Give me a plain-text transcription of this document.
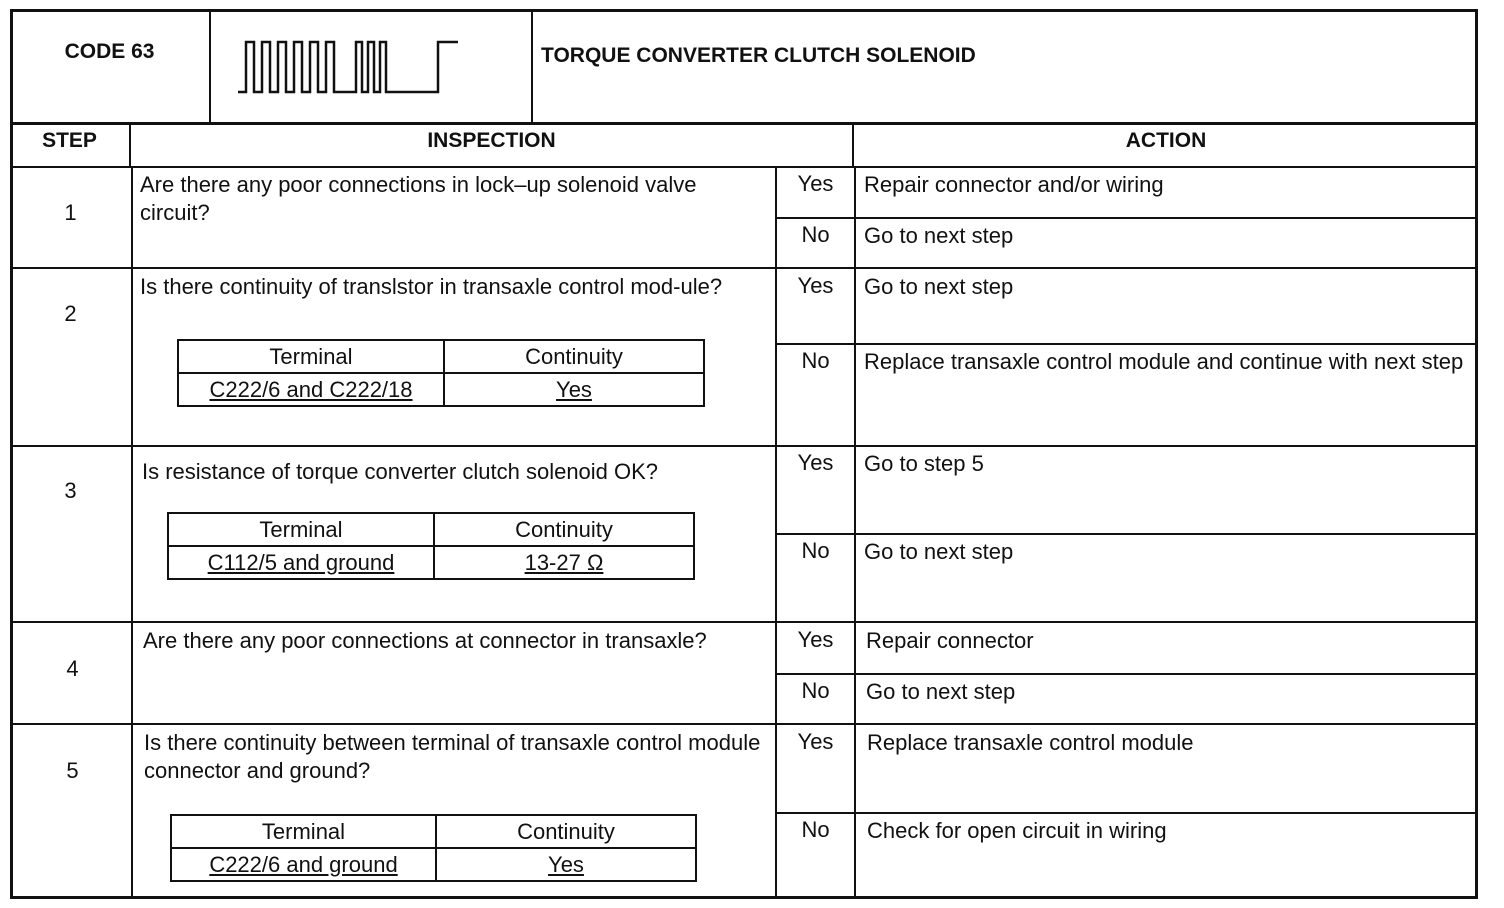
CODE 63	TORQUE CONVERTER CLUTCH SOLENOID
STEP	INSPECTION	ACTION
1
Are there any poor connections in lock–up solenoid valve circuit?
Yes	Repair connector and/or wiring
No	Go to next step
2
Is there continuity of translstor in transaxle control mod-ule?
Terminal	Continuity
C222/6 and C222/18	Yes
Yes	Go to next step
No	Replace transaxle control module and continue with next step
3
Is resistance of torque converter clutch solenoid OK?
Terminal	Continuity
C112/5 and ground	13-27 Ω
Yes	Go to step 5
No	Go to next step
4
Are there any poor connections at connector in transaxle?	Yes	Repair connector
No	Go to next step
5
Is there continuity between terminal of transaxle control module connector and ground?
Terminal	Continuity
C222/6 and ground	Yes
Yes	Replace transaxle control module
No	Check for open circuit in wiring
